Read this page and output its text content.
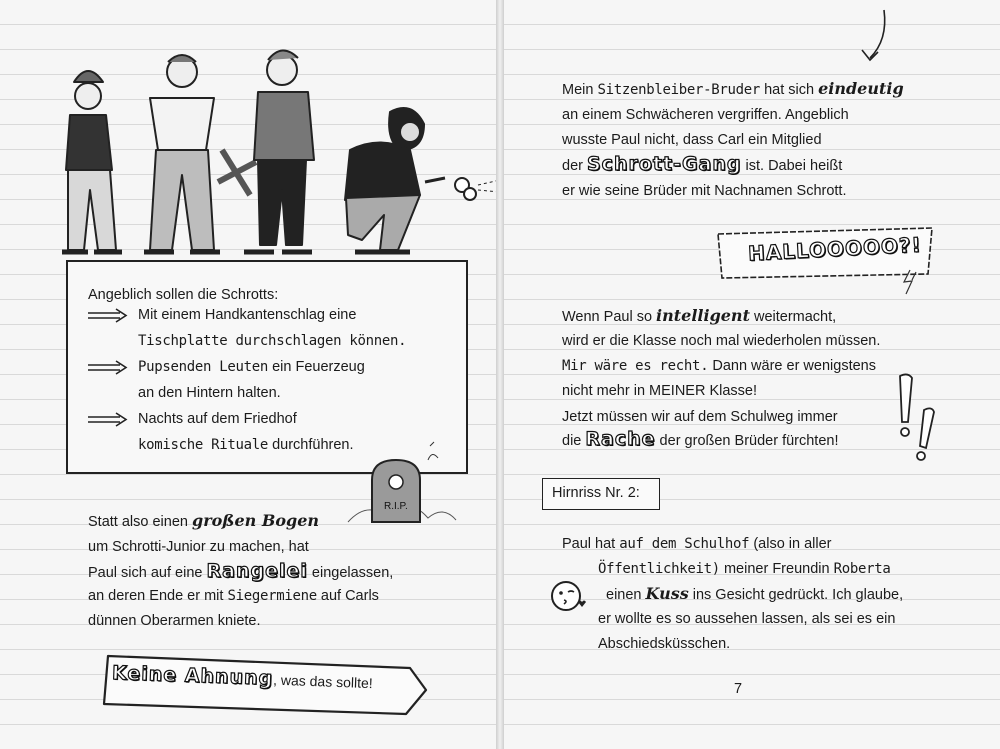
Angeblich sollen die Schrotts:
Mit einem Handkantenschlag eine
Tischplatte durchschlagen können.
Pupsenden Leuten ein Feuerzeug
an den Hintern halten.
Nachts auf dem Friedhof
komische Rituale durchführen.
R.I.P.
Statt also einen großen Bogen
um Schrotti-Junior zu machen, hat
Paul sich auf eine Rangelei eingelassen,
an deren Ende er mit Siegermiene auf Carls
dünnen Oberarmen kniete.
Keine Ahnung, was das sollte!
Mein Sitzenbleiber-Bruder hat sich eindeutig
an einem Schwächeren vergriffen. Angeblich
wusste Paul nicht, dass Carl ein Mitglied
der Schrott-Gang ist. Dabei heißt
er wie seine Brüder mit Nachnamen Schrott.
HALLOOOOO?!
Wenn Paul so intelligent weitermacht,
wird er die Klasse noch mal wiederholen müssen.
Mir wäre es recht. Dann wäre er wenigstens
nicht mehr in MEINER Klasse!
Jetzt müssen wir auf dem Schulweg immer
die Rache der großen Brüder fürchten!
Hirnriss Nr. 2:
Paul hat auf dem Schulhof (also in aller
Öffentlichkeit) meiner Freundin Roberta
einen Kuss ins Gesicht gedrückt. Ich glaube,
er wollte es so aussehen lassen, als sei es ein
Abschiedsküsschen.
7
